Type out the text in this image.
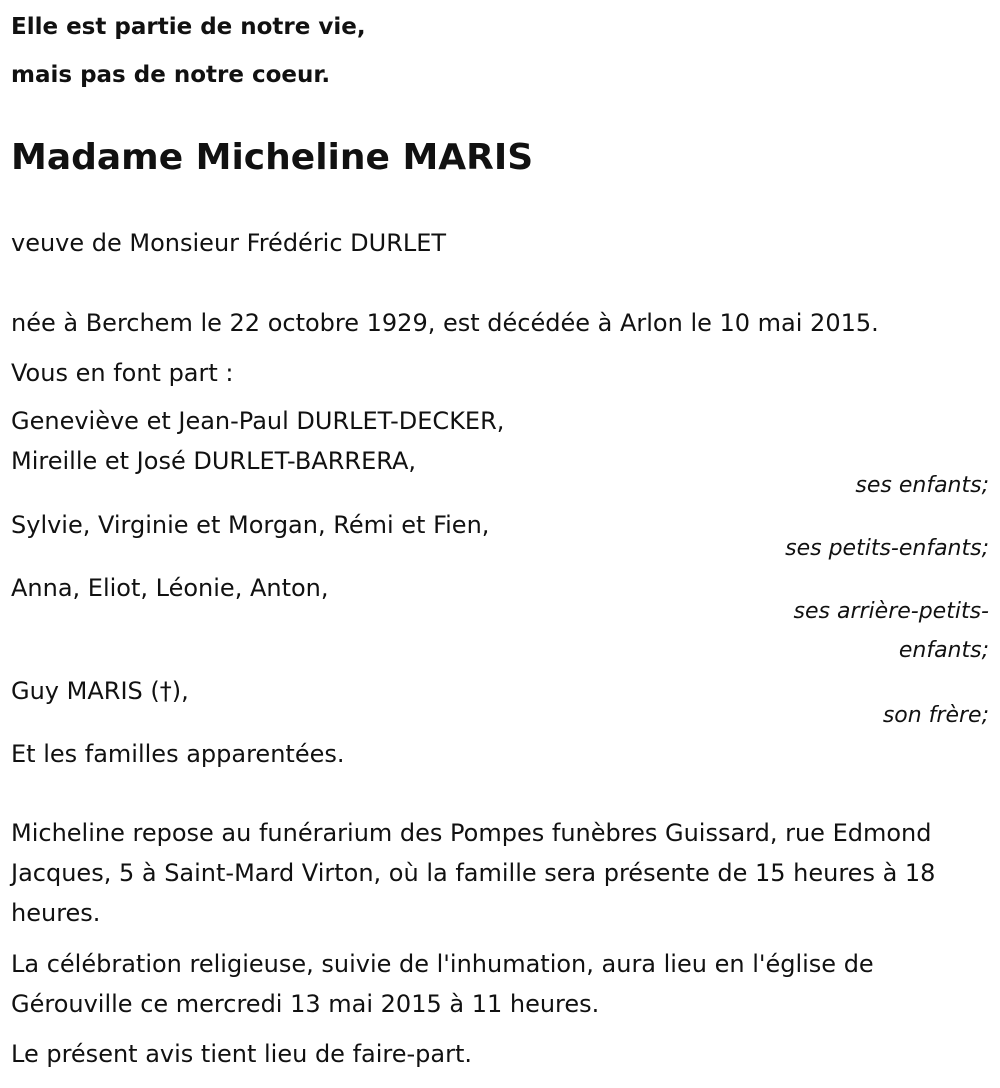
Elle est partie de notre vie,

mais pas de notre coeur.

Madame Micheline MARIS

veuve de Monsieur Frédéric DURLET

née à Berchem le 22 octobre 1929, est décédée à Arlon le 10 mai 2015.

Vous en font part :

Geneviève et Jean-Paul DURLET-DECKER,

Mireille et José DURLET-BARRERA,

ses enfants;

Sylvie, Virginie et Morgan, Rémi et Fien,

ses petits-enfants;

Anna, Eliot, Léonie, Anton,

ses arrière-petits-

enfants;

Guy MARIS (†),

son frère;

Et les familles apparentées.

Micheline repose au funérarium des Pompes funèbres Guissard, rue Edmond Jacques, 5 à Saint-Mard Virton, où la famille sera présente de 15 heures à 18 heures.

La célébration religieuse, suivie de l'inhumation, aura lieu en l'église de Gérouville ce mercredi 13 mai 2015 à 11 heures.

Le présent avis tient lieu de faire-part.
